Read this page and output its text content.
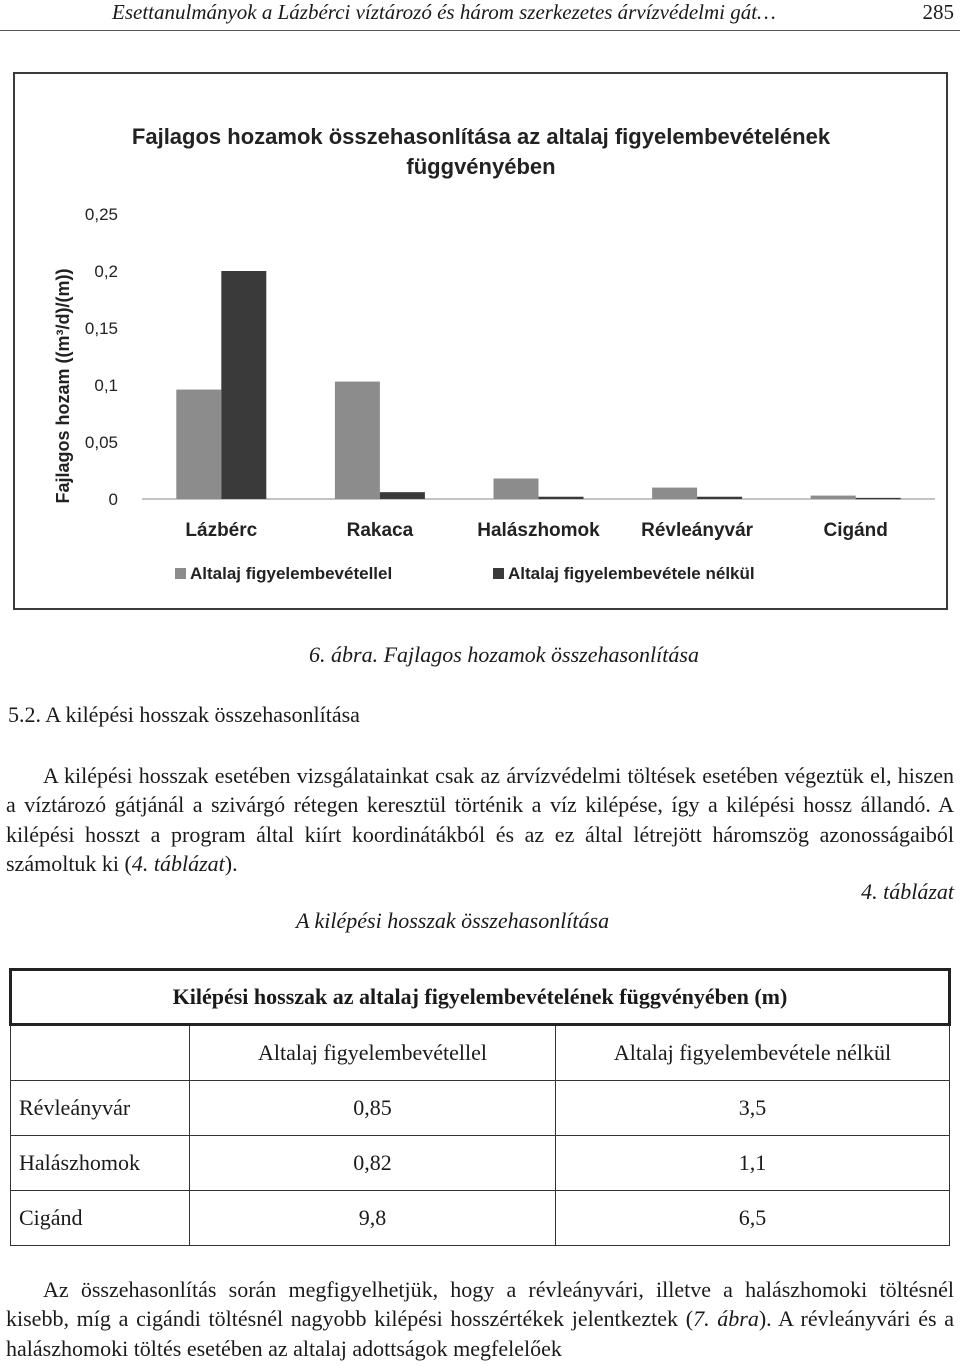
Esettanulmányok a Lázbérci víztározó és három szerkezetes árvízvédelmi gát…	285
Fajlagos hozamok összehasonlítása az altalaj figyelembevételének
függvényében
Fajlagos hozam ((m³/d)/(m)) 0
0,05
0,1
0,15
0,2
0,25
Lázbérc	Rakaca	Halászhomok Révleányvár	Cigánd
Altalaj figyelembevétellel	Altalaj figyelembevétele nélkül
6. ábra. Fajlagos hozamok összehasonlítása
5.2. A kilépési hosszak összehasonlítása

A kilépési hosszak esetében vizsgálatainkat csak az árvízvédelmi töltések esetében végeztük el, hiszen a víztározó gátjánál a szivárgó rétegen keresztül történik a víz kilépése, így a kilépési hossz állandó. A kilépési hosszt a program által kiírt koordinátákból és az ez által létrejött háromszög azonosságaiból számoltuk ki (4. táblázat).

4. táblázat
A kilépési hosszak összehasonlítása
Kilépési hosszak az altalaj figyelembevételének függvényében (m)		
	Altalaj figyelembevétellel	Altalaj figyelembevétele nélkül
Révleányvár	0,85	3,5
Halászhomok	0,82	1,1
Cigánd	9,8	6,5

Az összehasonlítás során megfigyelhetjük, hogy a révleányvári, illetve a halászhomoki töltésnél kisebb, míg a cigándi töltésnél nagyobb kilépési hosszértékek jelentkeztek (7. ábra). A révleányvári és a halászhomoki töltés esetében az altalaj adottságok megfelelőek
